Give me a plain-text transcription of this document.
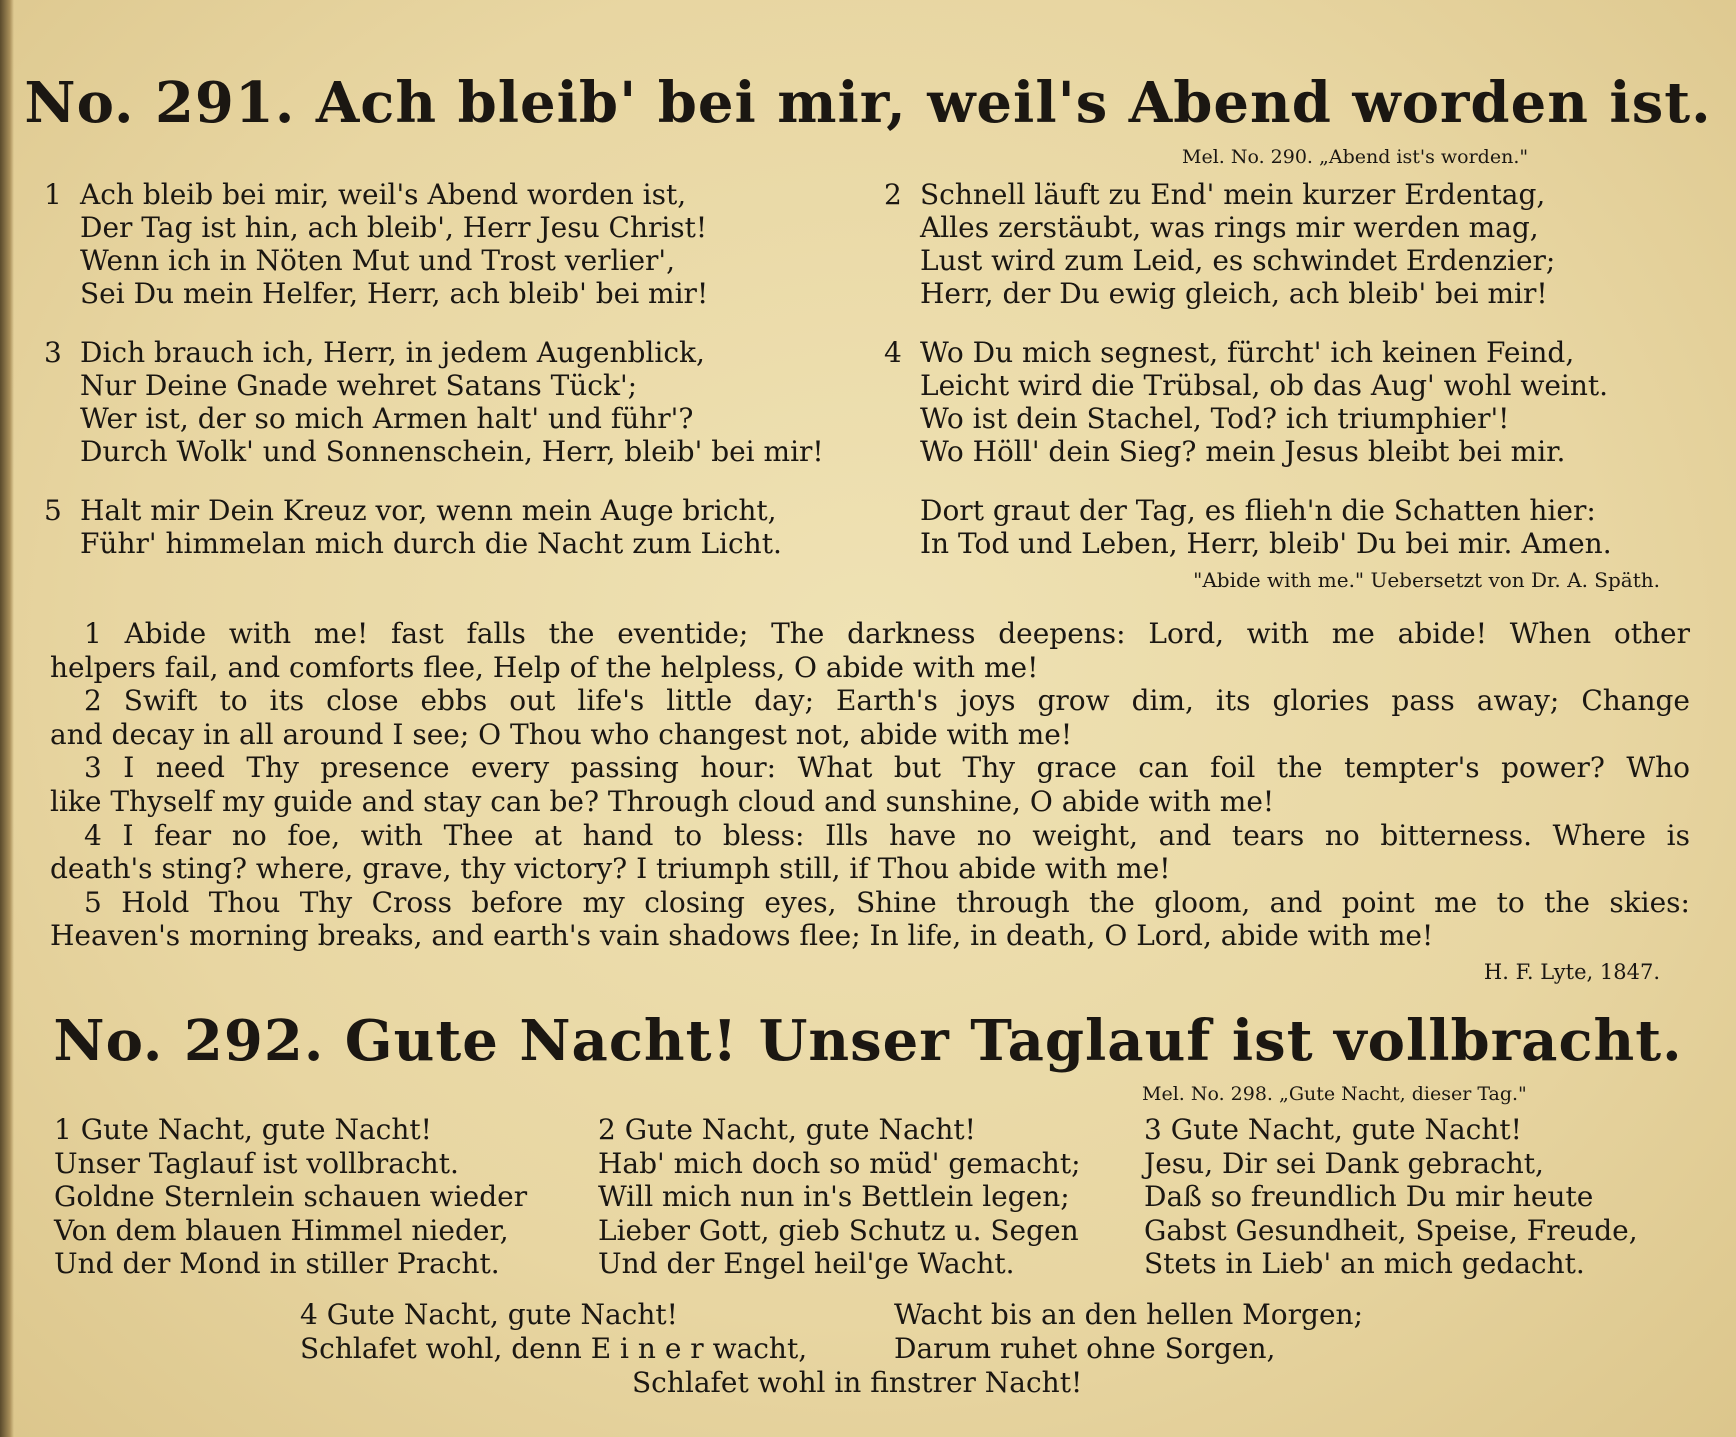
No. 291. Ach bleib' bei mir, weil's Abend worden ist.
Mel. No. 290. „Abend ist's worden."
1 Ach bleib bei mir, weil's Abend worden ist,
Der Tag ist hin, ach bleib', Herr Jesu Christ!
Wenn ich in Nöten Mut und Trost verlier',
Sei Du mein Helfer, Herr, ach bleib' bei mir!
2 Schnell läuft zu End' mein kurzer Erdentag,
Alles zerstäubt, was rings mir werden mag,
Lust wird zum Leid, es schwindet Erdenzier;
Herr, der Du ewig gleich, ach bleib' bei mir!
3 Dich brauch ich, Herr, in jedem Augenblick,
Nur Deine Gnade wehret Satans Tück';
Wer ist, der so mich Armen halt' und führ'?
Durch Wolk' und Sonnenschein, Herr, bleib' bei mir!
4 Wo Du mich segnest, fürcht' ich keinen Feind,
Leicht wird die Trübsal, ob das Aug' wohl weint.
Wo ist dein Stachel, Tod? ich triumphier'!
Wo Höll' dein Sieg? mein Jesus bleibt bei mir.
5 Halt mir Dein Kreuz vor, wenn mein Auge bricht,
Führ' himmelan mich durch die Nacht zum Licht.
Dort graut der Tag, es flieh'n die Schatten hier:
In Tod und Leben, Herr, bleib' Du bei mir. Amen.
"Abide with me." Uebersetzt von Dr. A. Späth.
1 Abide with me! fast falls the eventide; The darkness deepens: Lord, with me abide! When other
helpers fail, and comforts flee, Help of the helpless, O abide with me!
2 Swift to its close ebbs out life's little day; Earth's joys grow dim, its glories pass away; Change
and decay in all around I see; O Thou who changest not, abide with me!
3 I need Thy presence every passing hour: What but Thy grace can foil the tempter's power? Who
like Thyself my guide and stay can be? Through cloud and sunshine, O abide with me!
4 I fear no foe, with Thee at hand to bless: Ills have no weight, and tears no bitterness. Where is
death's sting? where, grave, thy victory? I triumph still, if Thou abide with me!
5 Hold Thou Thy Cross before my closing eyes, Shine through the gloom, and point me to the skies:
Heaven's morning breaks, and earth's vain shadows flee; In life, in death, O Lord, abide with me!
H. F. Lyte, 1847.
No. 292. Gute Nacht! Unser Taglauf ist vollbracht.
Mel. No. 298. „Gute Nacht, dieser Tag."
1 Gute Nacht, gute Nacht!
Unser Taglauf ist vollbracht.
Goldne Sternlein schauen wieder
Von dem blauen Himmel nieder,
Und der Mond in stiller Pracht.
2 Gute Nacht, gute Nacht!
Hab' mich doch so müd' gemacht;
Will mich nun in's Bettlein legen;
Lieber Gott, gieb Schutz u. Segen
Und der Engel heil'ge Wacht.
3 Gute Nacht, gute Nacht!
Jesu, Dir sei Dank gebracht,
Daß so freundlich Du mir heute
Gabst Gesundheit, Speise, Freude,
Stets in Lieb' an mich gedacht.
4 Gute Nacht, gute Nacht!
Schlafet wohl, denn E i n e r wacht,
Wacht bis an den hellen Morgen;
Darum ruhet ohne Sorgen,
Schlafet wohl in finstrer Nacht!
